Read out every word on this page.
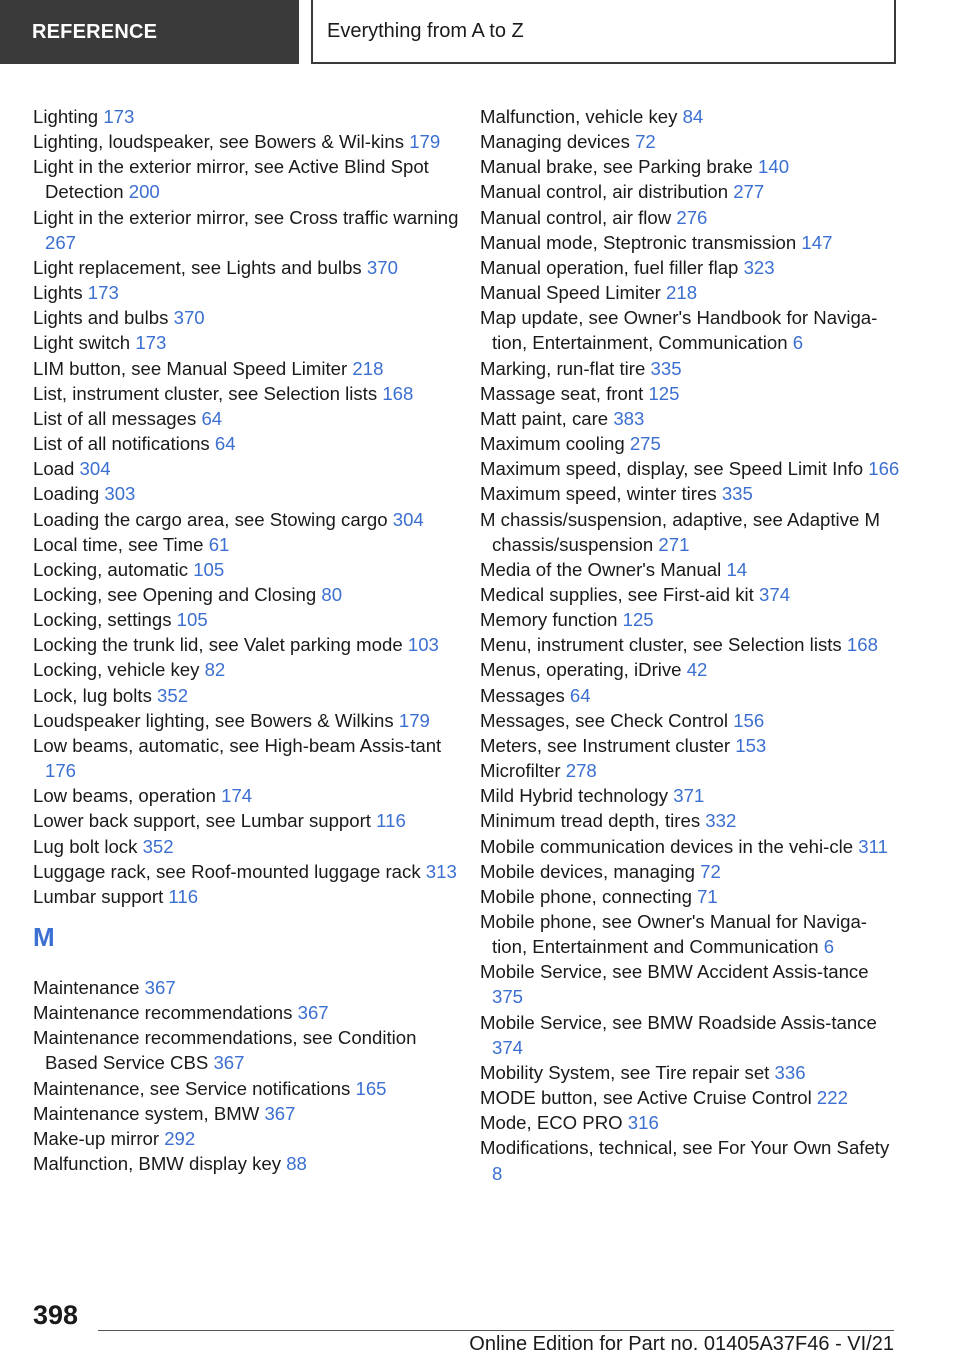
REFERENCE	Everything from A to Z
Lighting 173
Lighting, loudspeaker, see Bowers & Wil‐kins 179
Light in the exterior mirror, see Active Blind Spot Detection 200
Light in the exterior mirror, see Cross traffic warning 267
Light replacement, see Lights and bulbs 370
Lights 173
Lights and bulbs 370
Light switch 173
LIM button, see Manual Speed Limiter 218
List, instrument cluster, see Selection lists 168
List of all messages 64
List of all notifications 64
Load 304
Loading 303
Loading the cargo area, see Stowing cargo 304
Local time, see Time 61
Locking, automatic 105
Locking, see Opening and Closing 80
Locking, settings 105
Locking the trunk lid, see Valet parking mode 103
Locking, vehicle key 82
Lock, lug bolts 352
Loudspeaker lighting, see Bowers & Wilkins 179
Low beams, automatic, see High-beam Assis‐tant 176
Low beams, operation 174
Lower back support, see Lumbar support 116
Lug bolt lock 352
Luggage rack, see Roof-mounted luggage rack 313
Lumbar support 116
M
Maintenance 367
Maintenance recommendations 367
Maintenance recommendations, see Condition Based Service CBS 367
Maintenance, see Service notifications 165
Maintenance system, BMW 367
Make-up mirror 292
Malfunction, BMW display key 88
Malfunction, vehicle key 84
Managing devices 72
Manual brake, see Parking brake 140
Manual control, air distribution 277
Manual control, air flow 276
Manual mode, Steptronic transmission 147
Manual operation, fuel filler flap 323
Manual Speed Limiter 218
Map update, see Owner's Handbook for Naviga‐tion, Entertainment, Communication 6
Marking, run-flat tire 335
Massage seat, front 125
Matt paint, care 383
Maximum cooling 275
Maximum speed, display, see Speed Limit Info 166
Maximum speed, winter tires 335
M chassis/suspension, adaptive, see Adaptive M chassis/suspension 271
Media of the Owner's Manual 14
Medical supplies, see First-aid kit 374
Memory function 125
Menu, instrument cluster, see Selection lists 168
Menus, operating, iDrive 42
Messages 64
Messages, see Check Control 156
Meters, see Instrument cluster 153
Microfilter 278
Mild Hybrid technology 371
Minimum tread depth, tires 332
Mobile communication devices in the vehi‐cle 311
Mobile devices, managing 72
Mobile phone, connecting 71
Mobile phone, see Owner's Manual for Naviga‐tion, Entertainment and Communication 6
Mobile Service, see BMW Accident Assis‐tance 375
Mobile Service, see BMW Roadside Assis‐tance 374
Mobility System, see Tire repair set 336
MODE button, see Active Cruise Control 222
Mode, ECO PRO 316
Modifications, technical, see For Your Own Safety 8
398
Online Edition for Part no. 01405A37F46 - VI/21
